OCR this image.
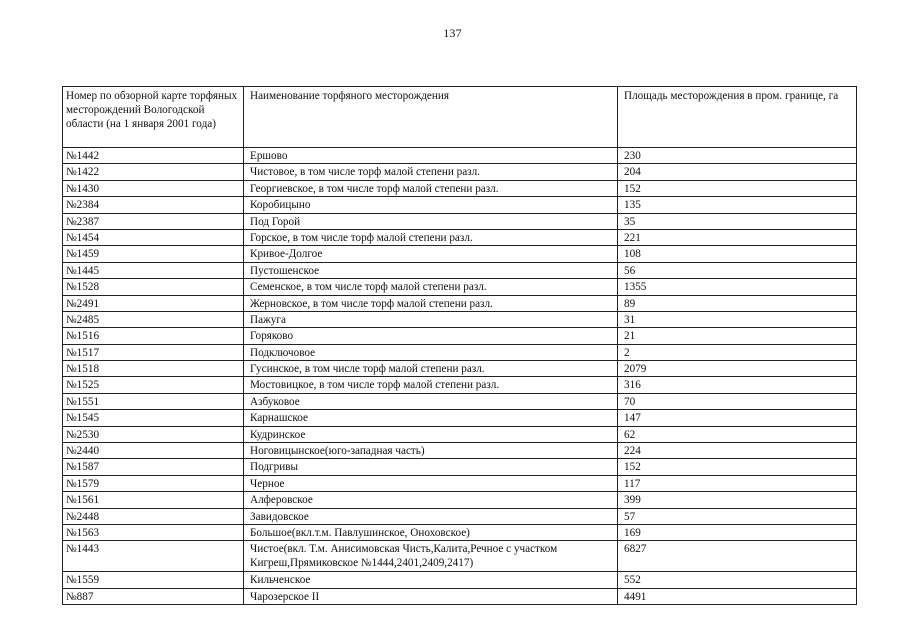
137
Номер по обзорной карте торфяных месторождений Вологодской области (на 1 января 2001 года)	Наименование торфяного месторождения	Площадь месторождения в пром. границе, га
№1442	Ершово	230
№1422	Чистовое, в том числе торф малой степени разл.	204
№1430	Георгиевское, в том числе торф малой степени разл.	152
№2384	Коробицыно	135
№2387	Под Горой	35
№1454	Горское, в том числе торф малой степени разл.	221
№1459	Кривое-Долгое	108
№1445	Пустошенское	56
№1528	Семенское, в том числе торф малой степени разл.	1355
№2491	Жерновское, в том числе торф малой степени разл.	89
№2485	Пажуга	31
№1516	Горяково	21
№1517	Подключовое	2
№1518	Гусинское, в том числе торф малой степени разл.	2079
№1525	Мостовицкое, в том числе торф малой степени разл.	316
№1551	Азбуковое	70
№1545	Карнашское	147
№2530	Кудринское	62
№2440	Ноговицынское(юго-западная часть)	224
№1587	Подгривы	152
№1579	Черное	117
№1561	Алферовское	399
№2448	Завидовское	57
№1563	Большое(вкл.т.м. Павлушинское, Оноховское)	169
№1443	Чистое(вкл. Т.м. Анисимовская Чисть,Калита,Речное с участком Кигреш,Прямиковское №1444,2401,2409,2417)	6827
№1559	Кильченское	552
№887	Чарозерское II	4491
